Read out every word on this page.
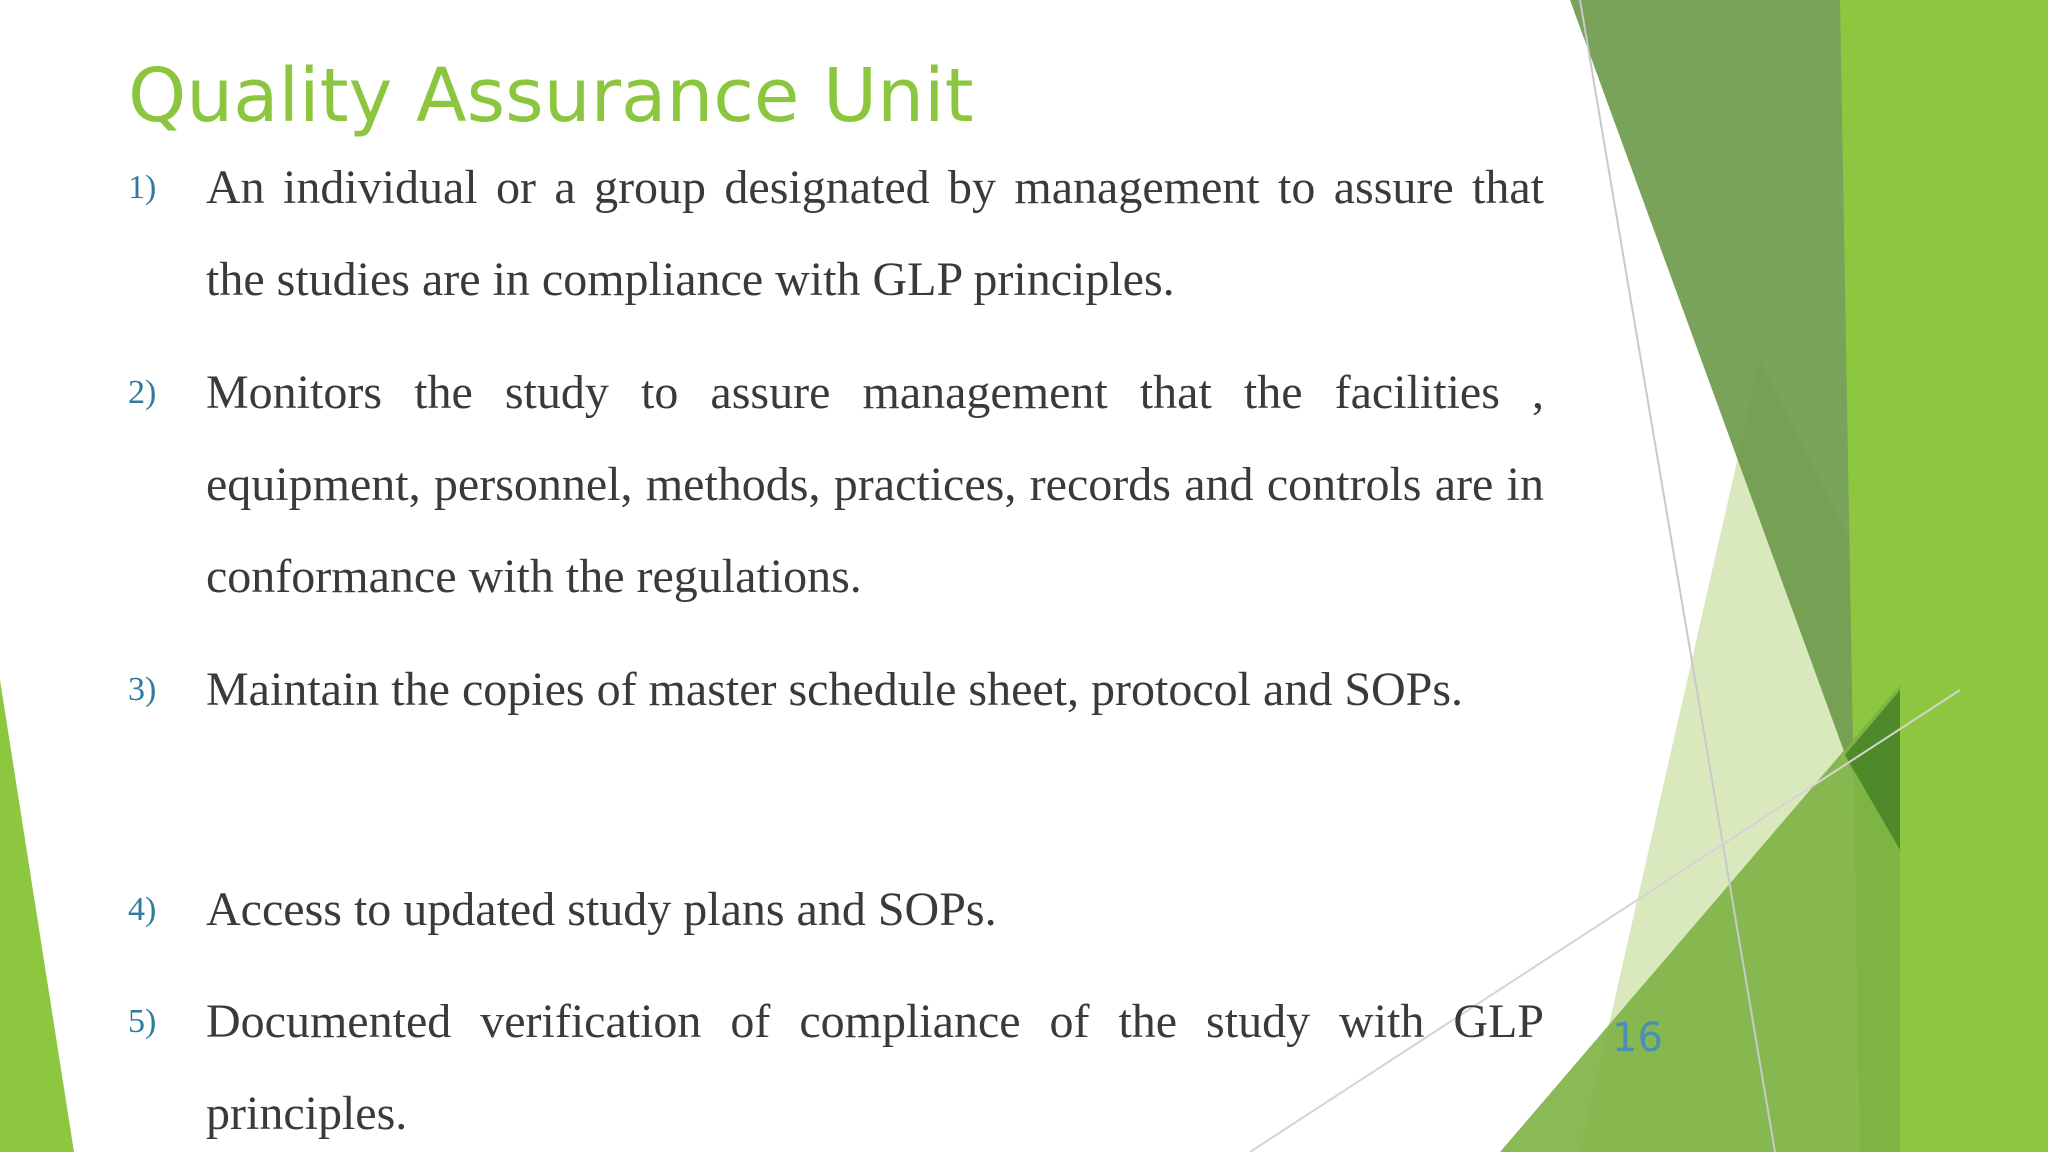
Quality Assurance Unit
1) An individual or a group designated by management to assure that the studies are in compliance with GLP principles.
2) Monitors the study to assure management that the facilities , equipment, personnel, methods, practices, records and controls are in conformance with the regulations.
3) Maintain the copies of master schedule sheet, protocol and SOPs.
4) Access to updated study plans and SOPs.
5) Documented verification of compliance of the study with GLP principles.
16
